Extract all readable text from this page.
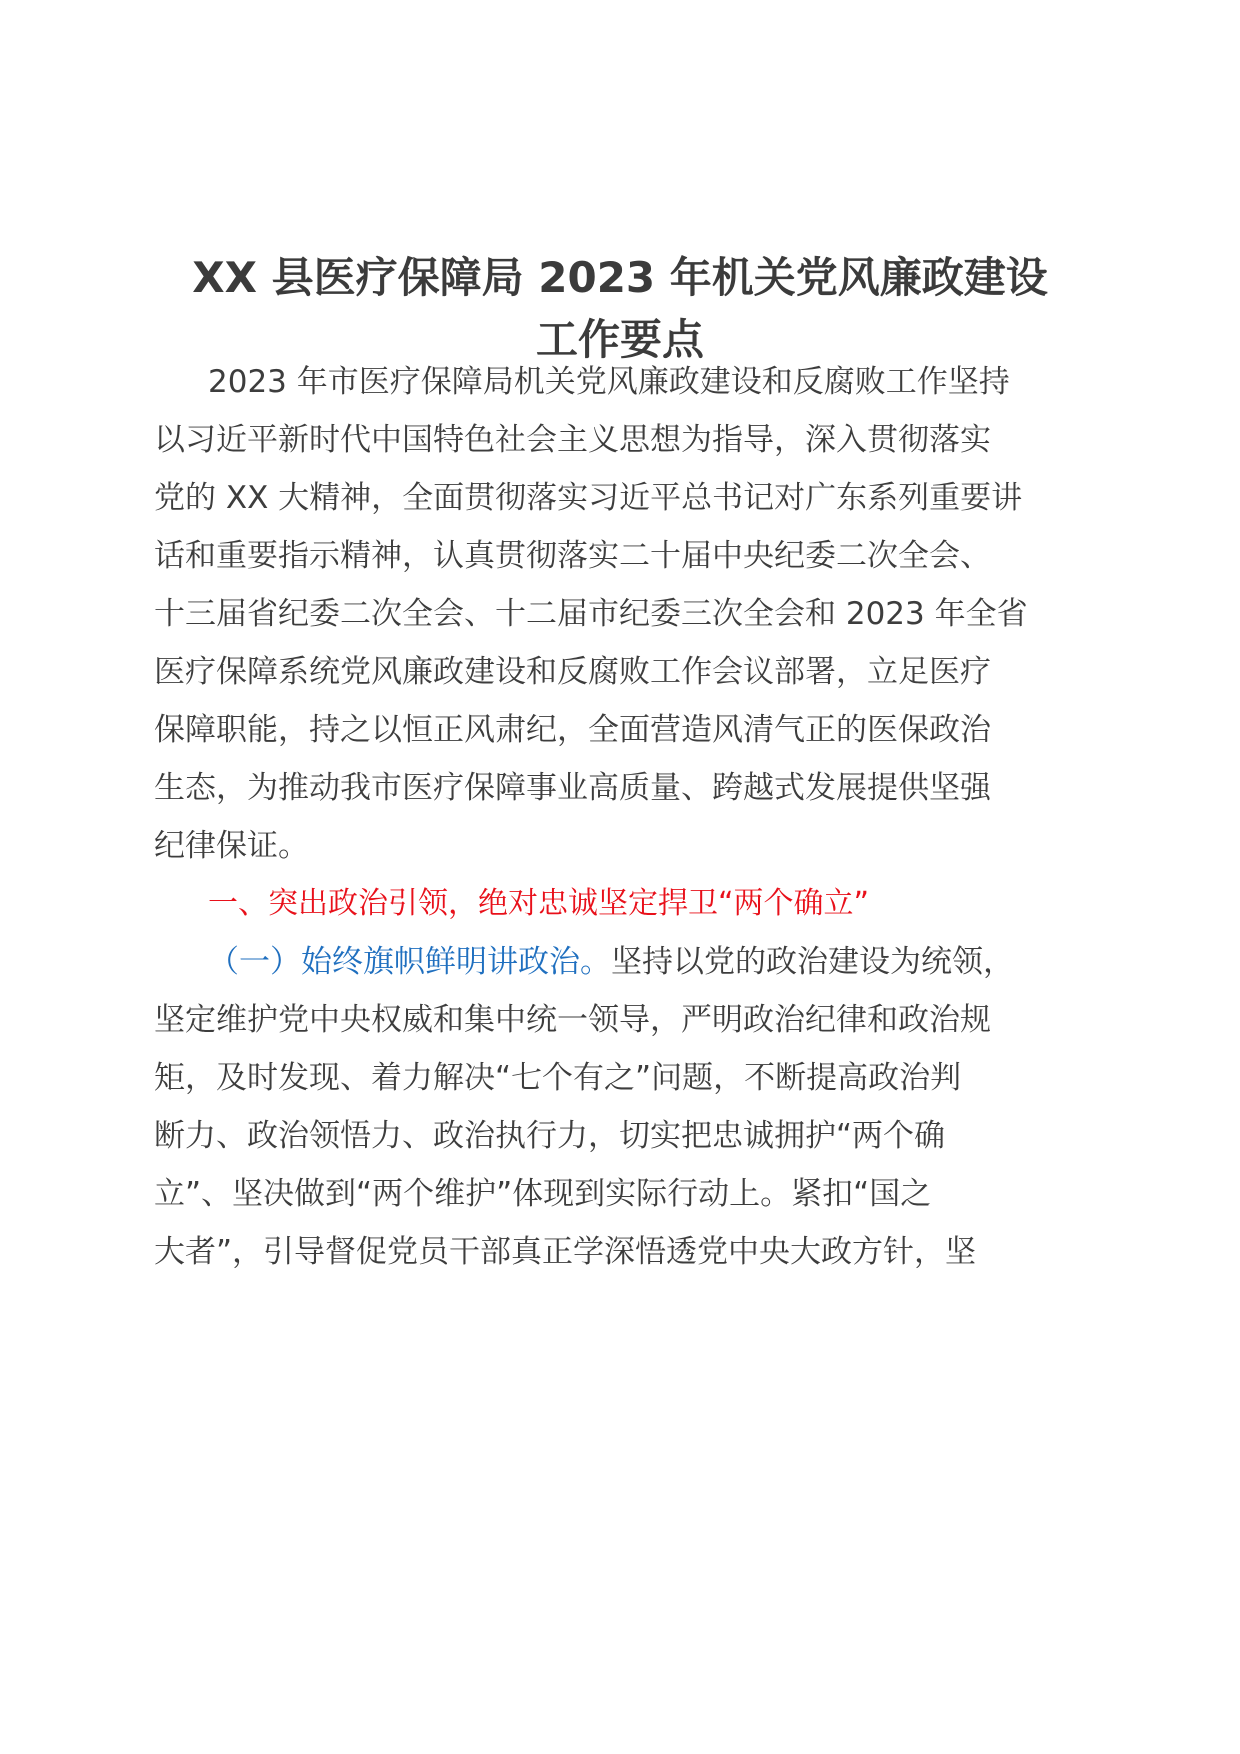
XX 县医疗保障局 2023 年机关党风廉政建设
工作要点
2023 年市医疗保障局机关党风廉政建设和反腐败工作坚持
以习近平新时代中国特色社会主义思想为指导，深入贯彻落实
党的 XX 大精神，全面贯彻落实习近平总书记对广东系列重要讲
话和重要指示精神，认真贯彻落实二十届中央纪委二次全会、
十三届省纪委二次全会、十二届市纪委三次全会和 2023 年全省
医疗保障系统党风廉政建设和反腐败工作会议部署，立足医疗
保障职能，持之以恒正风肃纪，全面营造风清气正的医保政治
生态，为推动我市医疗保障事业高质量、跨越式发展提供坚强
纪律保证。
一、突出政治引领，绝对忠诚坚定捍卫“两个确立”
（一）始终旗帜鲜明讲政治。坚持以党的政治建设为统领，
坚定维护党中央权威和集中统一领导，严明政治纪律和政治规
矩，及时发现、着力解决“七个有之”问题，不断提高政治判
断力、政治领悟力、政治执行力，切实把忠诚拥护“两个确
立”、坚决做到“两个维护”体现到实际行动上。紧扣“国之
大者”，引导督促党员干部真正学深悟透党中央大政方针，坚
